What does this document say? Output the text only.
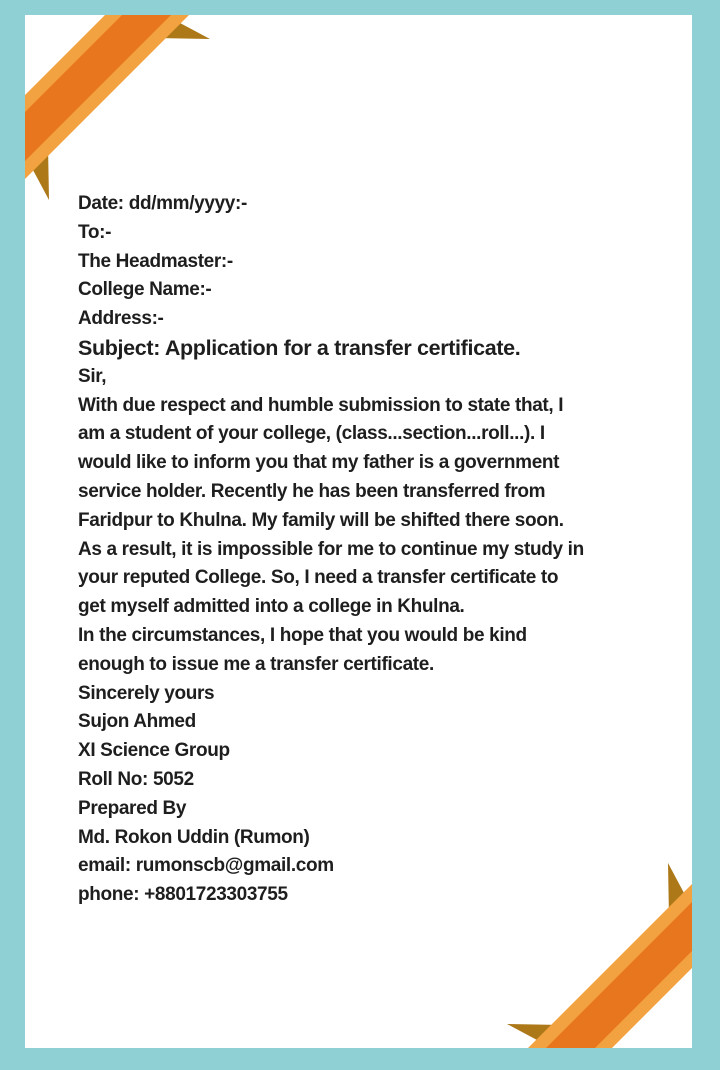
Date: dd/mm/yyyy:-
To:-
The Headmaster:-
College Name:-
Address:-
Subject: Application for a transfer certificate.
Sir,
With due respect and humble submission to state that, I
am a student of your college, (class...section...roll...). I
would like to inform you that my father is a government
service holder. Recently he has been transferred from
Faridpur to Khulna. My family will be shifted there soon.
As a result, it is impossible for me to continue my study in
your reputed College. So, I need a transfer certificate to
get myself admitted into a college in Khulna.
In the circumstances, I hope that you would be kind
enough to issue me a transfer certificate.
Sincerely yours
Sujon Ahmed
XI Science Group
Roll No: 5052
Prepared By
Md. Rokon Uddin (Rumon)
email: rumonscb@gmail.com
phone: +8801723303755
